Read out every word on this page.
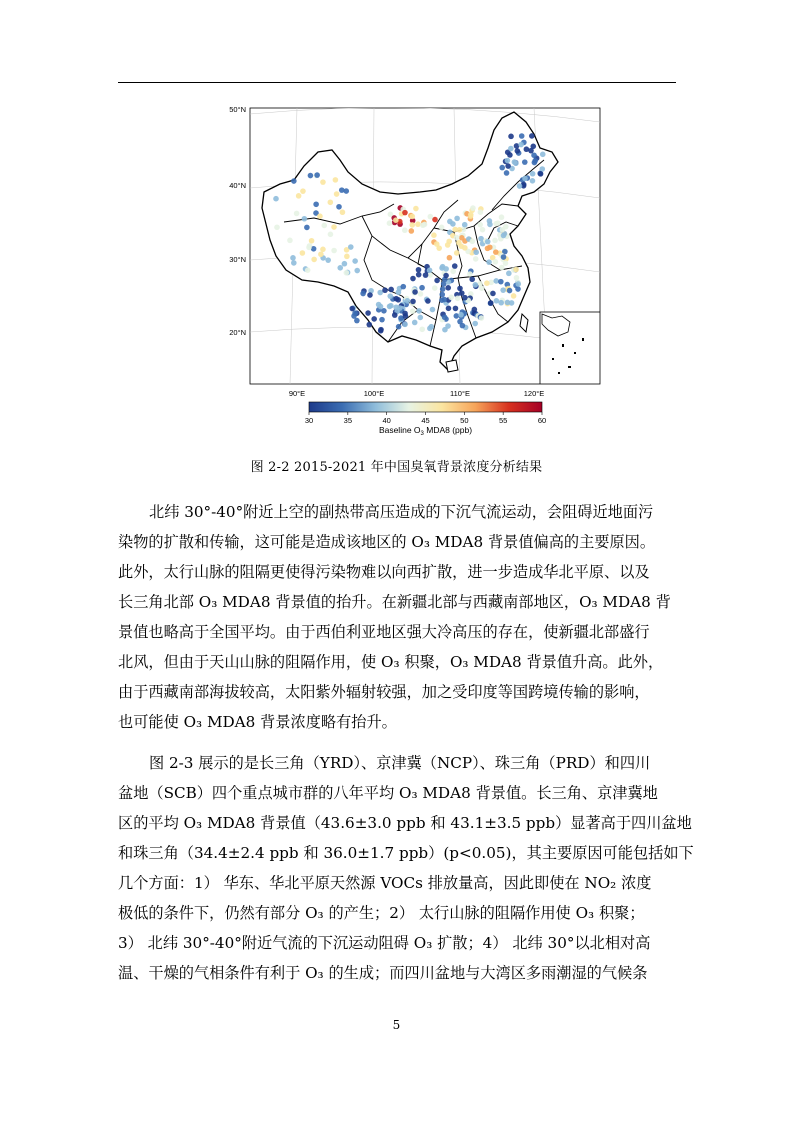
50°N
40°N
30°N
20°N
90°E	100°E	110°E	120°E
30	35	40	45	50	55	60
Baseline $O_3$ MDA8 (ppb)
图 2-2 2015-2021 年中国臭氧背景浓度分析结果
北纬 30°-40°附近上空的副热带高压造成的下沉气流运动，会阻碍近地面污
染物的扩散和传输，这可能是造成该地区的 O₃ MDA8 背景值偏高的主要原因。
此外，太行山脉的阻隔更使得污染物难以向西扩散，进一步造成华北平原、以及
长三角北部 O₃ MDA8 背景值的抬升。在新疆北部与西藏南部地区，O₃ MDA8 背
景值也略高于全国平均。由于西伯利亚地区强大冷高压的存在，使新疆北部盛行
北风，但由于天山山脉的阻隔作用，使 O₃ 积聚，O₃ MDA8 背景值升高。此外，
由于西藏南部海拔较高，太阳紫外辐射较强，加之受印度等国跨境传输的影响，
也可能使 O₃ MDA8 背景浓度略有抬升。
图 2-3 展示的是长三角（YRD）、京津冀（NCP）、珠三角（PRD）和四川
盆地（SCB）四个重点城市群的八年平均 O₃ MDA8 背景值。长三角、京津冀地
区的平均 O₃ MDA8 背景值（43.6±3.0 ppb 和 43.1±3.5 ppb）显著高于四川盆地
和珠三角（34.4±2.4 ppb 和 36.0±1.7 ppb）(p<0.05)，其主要原因可能包括如下
几个方面：1） 华东、华北平原天然源 VOCs 排放量高，因此即使在 NO₂ 浓度
极低的条件下，仍然有部分 O₃ 的产生；2） 太行山脉的阻隔作用使 O₃ 积聚；
3） 北纬 30°-40°附近气流的下沉运动阻碍 O₃ 扩散；4） 北纬 30°以北相对高
温、干燥的气相条件有利于 O₃ 的生成；而四川盆地与大湾区多雨潮湿的气候条
5
